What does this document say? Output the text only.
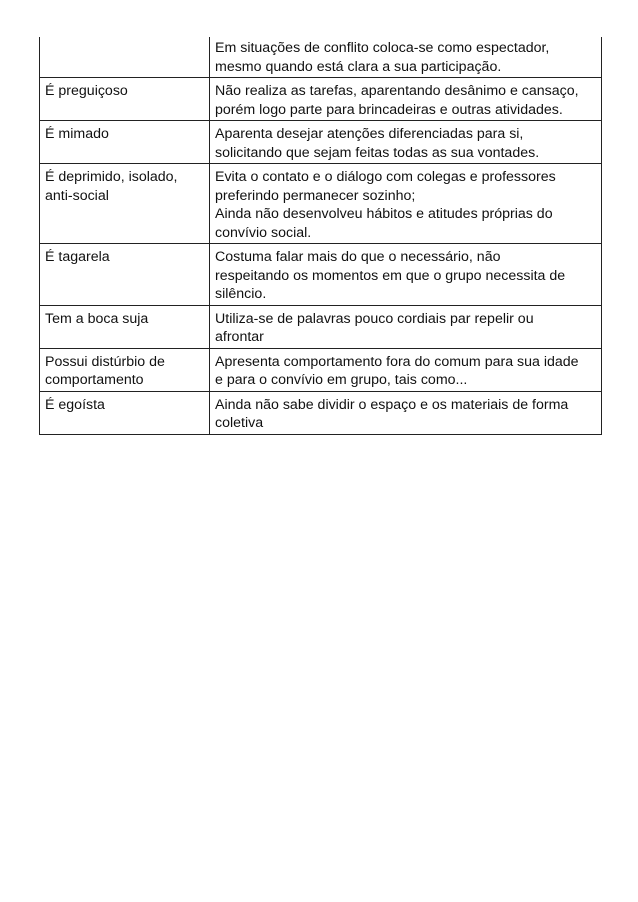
	Em situações de conflito coloca-se como espectador,
mesmo quando está clara a sua participação.
É preguiçoso	Não realiza as tarefas, aparentando desânimo e cansaço,
porém logo parte para brincadeiras e outras atividades.
É mimado	Aparenta desejar atenções diferenciadas para si,
solicitando que sejam feitas todas as sua vontades.
É deprimido, isolado,
anti-social	Evita o contato e o diálogo com colegas e professores
preferindo permanecer sozinho;
Ainda não desenvolveu hábitos e atitudes próprias do
convívio social.
É tagarela	Costuma falar mais do que o necessário, não
respeitando os momentos em que o grupo necessita de
silêncio.
Tem a boca suja	Utiliza-se de palavras pouco cordiais par repelir ou
afrontar
Possui distúrbio de
comportamento	Apresenta comportamento fora do comum para sua idade
e para o convívio em grupo, tais como...
É egoísta	Ainda não sabe dividir o espaço e os materiais de forma
coletiva
